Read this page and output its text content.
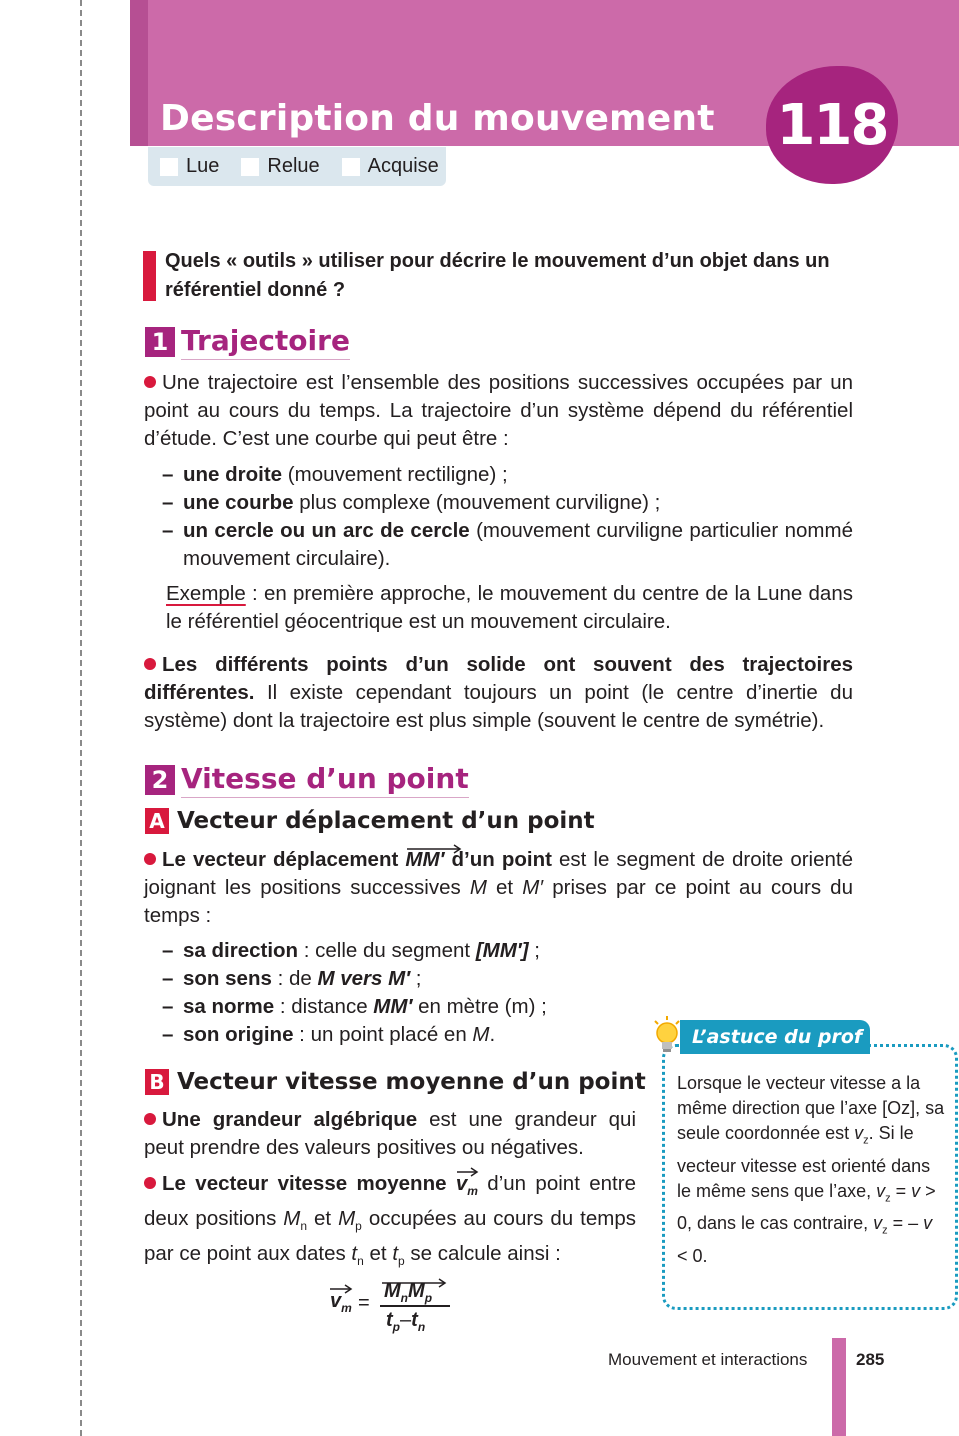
Description du mouvement
Lue Relue Acquise
118
Quels « outils » utiliser pour décrire le mouvement d’un objet dans un référentiel donné ?
1 Trajectoire

Une trajectoire est l’ensemble des positions successives occupées par un point au cours du temps. La trajectoire d’un système dépend du référentiel d’étude. C’est une courbe qui peut être :

– une droite (mouvement rectiligne) ;
– une courbe plus complexe (mouvement curviligne) ;
– un cercle ou un arc de cercle (mouvement curviligne particulier nommé mouvement circulaire).

Exemple : en première approche, le mouvement du centre de la Lune dans le référentiel géocentrique est un mouvement circulaire.

Les différents points d’un solide ont souvent des trajectoires différentes. Il existe cependant toujours un point (le centre d’inertie du système) dont la trajectoire est plus simple (souvent le centre de symétrie).

2 Vitesse d’un point
A Vecteur déplacement d’un point

Le vecteur déplacement MM′
d’un point est le segment de droite orienté joignant les positions successives M et M′ prises par ce point au cours du temps :

– sa direction : celle du segment [MM′] ;
– son sens : de M vers M′ ;
– sa norme : distance MM′ en mètre (m) ;
– son origine : un point placé en M.
B Vecteur vitesse moyenne d’un point

Une grandeur algébrique est une grandeur qui peut prendre des valeurs positives ou négatives.

Le vecteur vitesse moyenne $v_m$
d’un point entre deux positions $M_n$ et $M_p$ occupées au cours du temps par ce point aux dates $t_n$ et $t_p$ se calcule ainsi :

$v_m$ =
$M_nM_p$
$t_p-t_n$
Lorsque le vecteur vitesse a la même direction que l’axe [Oz], sa seule coordonnée est $v_z$. Si le vecteur vitesse est orienté dans le même sens que l’axe, $v_z = v > 0$, dans le cas contraire, $v_z$ = – v < 0.
L’astuce du prof
Mouvement et interactions	285
